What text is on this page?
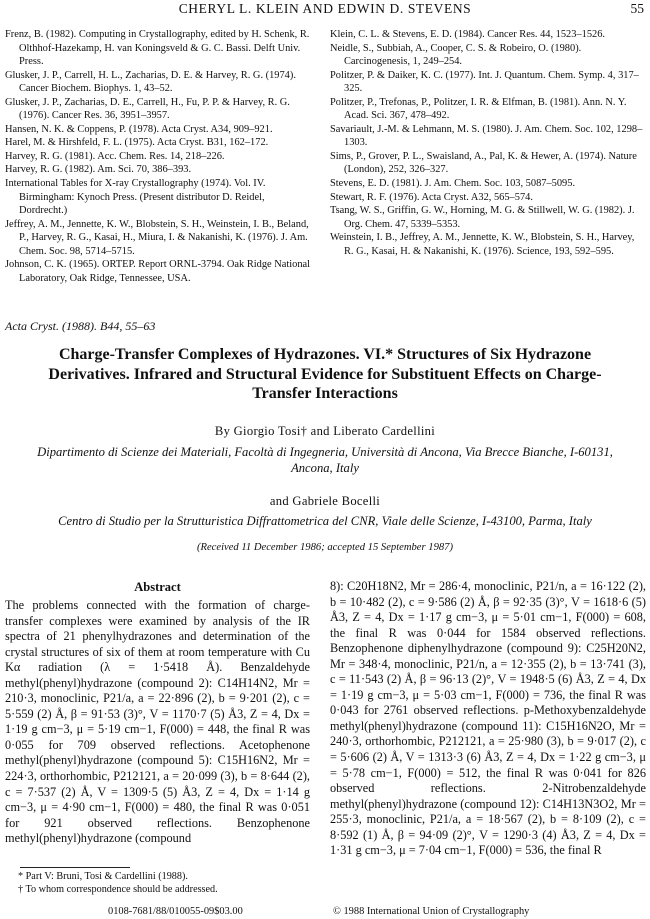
CHERYL L. KLEIN AND EDWIN D. STEVENS	55
Frenz, B. (1982). Computing in Crystallography, edited by H. Schenk, R. Olthhof-Hazekamp, H. van Koningsveld & G. C. Bassi. Delft Univ. Press.
Glusker, J. P., Carrell, H. L., Zacharias, D. E. & Harvey, R. G. (1974). Cancer Biochem. Biophys. 1, 43–52.
Glusker, J. P., Zacharias, D. E., Carrell, H., Fu, P. P. & Harvey, R. G. (1976). Cancer Res. 36, 3951–3957.
Hansen, N. K. & Coppens, P. (1978). Acta Cryst. A34, 909–921.
Harel, M. & Hirshfeld, F. L. (1975). Acta Cryst. B31, 162–172.
Harvey, R. G. (1981). Acc. Chem. Res. 14, 218–226.
Harvey, R. G. (1982). Am. Sci. 70, 386–393.
International Tables for X-ray Crystallography (1974). Vol. IV. Birmingham: Kynoch Press. (Present distributor D. Reidel, Dordrecht.)
Jeffrey, A. M., Jennette, K. W., Blobstein, S. H., Weinstein, I. B., Beland, P., Harvey, R. G., Kasai, H., Miura, I. & Nakanishi, K. (1976). J. Am. Chem. Soc. 98, 5714–5715.
Johnson, C. K. (1965). ORTEP. Report ORNL-3794. Oak Ridge National Laboratory, Oak Ridge, Tennessee, USA.
Klein, C. L. & Stevens, E. D. (1984). Cancer Res. 44, 1523–1526.
Neidle, S., Subbiah, A., Cooper, C. S. & Robeiro, O. (1980). Carcinogenesis, 1, 249–254.
Politzer, P. & Daiker, K. C. (1977). Int. J. Quantum. Chem. Symp. 4, 317–325.
Politzer, P., Trefonas, P., Politzer, I. R. & Elfman, B. (1981). Ann. N. Y. Acad. Sci. 367, 478–492.
Savariault, J.-M. & Lehmann, M. S. (1980). J. Am. Chem. Soc. 102, 1298–1303.
Sims, P., Grover, P. L., Swaisland, A., Pal, K. & Hewer, A. (1974). Nature (London), 252, 326–327.
Stevens, E. D. (1981). J. Am. Chem. Soc. 103, 5087–5095.
Stewart, R. F. (1976). Acta Cryst. A32, 565–574.
Tsang, W. S., Griffin, G. W., Horning, M. G. & Stillwell, W. G. (1982). J. Org. Chem. 47, 5339–5353.
Weinstein, I. B., Jeffrey, A. M., Jennette, K. W., Blobstein, S. H., Harvey, R. G., Kasai, H. & Nakanishi, K. (1976). Science, 193, 592–595.
Acta Cryst. (1988). B44, 55–63
Charge-Transfer Complexes of Hydrazones. VI.* Structures of Six Hydrazone Derivatives. Infrared and Structural Evidence for Substituent Effects on Charge-Transfer Interactions
By Giorgio Tosi† and Liberato Cardellini
Dipartimento di Scienze dei Materiali, Facoltà di Ingegneria, Università di Ancona, Via Brecce Bianche, I-60131, Ancona, Italy
and Gabriele Bocelli
Centro di Studio per la Strutturistica Diffrattometrica del CNR, Viale delle Scienze, I-43100, Parma, Italy
(Received 11 December 1986; accepted 15 September 1987)
Abstract
The problems connected with the formation of charge-transfer complexes were examined by analysis of the IR spectra of 21 phenylhydrazones and determination of the crystal structures of six of them at room temperature with Cu Kα radiation (λ = 1·5418 Å). Benzaldehyde methyl(phenyl)hydrazone (compound 2): C14H14N2, Mr = 210·3, monoclinic, P21/a, a = 22·896 (2), b = 9·201 (2), c = 5·559 (2) Å, β = 91·53 (3)°, V = 1170·7 (5) Å3, Z = 4, Dx = 1·19 g cm−3, μ = 5·19 cm−1, F(000) = 448, the final R was 0·055 for 709 observed reflections. Acetophenone methyl(phenyl)hydrazone (compound 5): C15H16N2, Mr = 224·3, orthorhombic, P212121, a = 20·099 (3), b = 8·644 (2), c = 7·537 (2) Å, V = 1309·5 (5) Å3, Z = 4, Dx = 1·14 g cm−3, μ = 4·90 cm−1, F(000) = 480, the final R was 0·051 for 921 observed reflections. Benzophenone methyl(phenyl)hydrazone (compound
8): C20H18N2, Mr = 286·4, monoclinic, P21/n, a = 16·122 (2), b = 10·482 (2), c = 9·586 (2) Å, β = 92·35 (3)°, V = 1618·6 (5) Å3, Z = 4, Dx = 1·17 g cm−3, μ = 5·01 cm−1, F(000) = 608, the final R was 0·044 for 1584 observed reflections. Benzophenone diphenylhydrazone (compound 9): C25H20N2, Mr = 348·4, monoclinic, P21/n, a = 12·355 (2), b = 13·741 (3), c = 11·543 (2) Å, β = 96·13 (2)°, V = 1948·5 (6) Å3, Z = 4, Dx = 1·19 g cm−3, μ = 5·03 cm−1, F(000) = 736, the final R was 0·043 for 2761 observed reflections. p-Methoxybenzaldehyde methyl(phenyl)hydrazone (compound 11): C15H16N2O, Mr = 240·3, orthorhombic, P212121, a = 25·980 (3), b = 9·017 (2), c = 5·606 (2) Å, V = 1313·3 (6) Å3, Z = 4, Dx = 1·22 g cm−3, μ = 5·78 cm−1, F(000) = 512, the final R was 0·041 for 826 observed reflections. 2-Nitrobenzaldehyde methyl(phenyl)hydrazone (compound 12): C14H13N3O2, Mr = 255·3, monoclinic, P21/a, a = 18·567 (2), b = 8·109 (2), c = 8·592 (1) Å, β = 94·09 (2)°, V = 1290·3 (4) Å3, Z = 4, Dx = 1·31 g cm−3, μ = 7·04 cm−1, F(000) = 536, the final R
* Part V: Bruni, Tosi & Cardellini (1988).
† To whom correspondence should be addressed.
0108-7681/88/010055-09$03.00	© 1988 International Union of Crystallography
